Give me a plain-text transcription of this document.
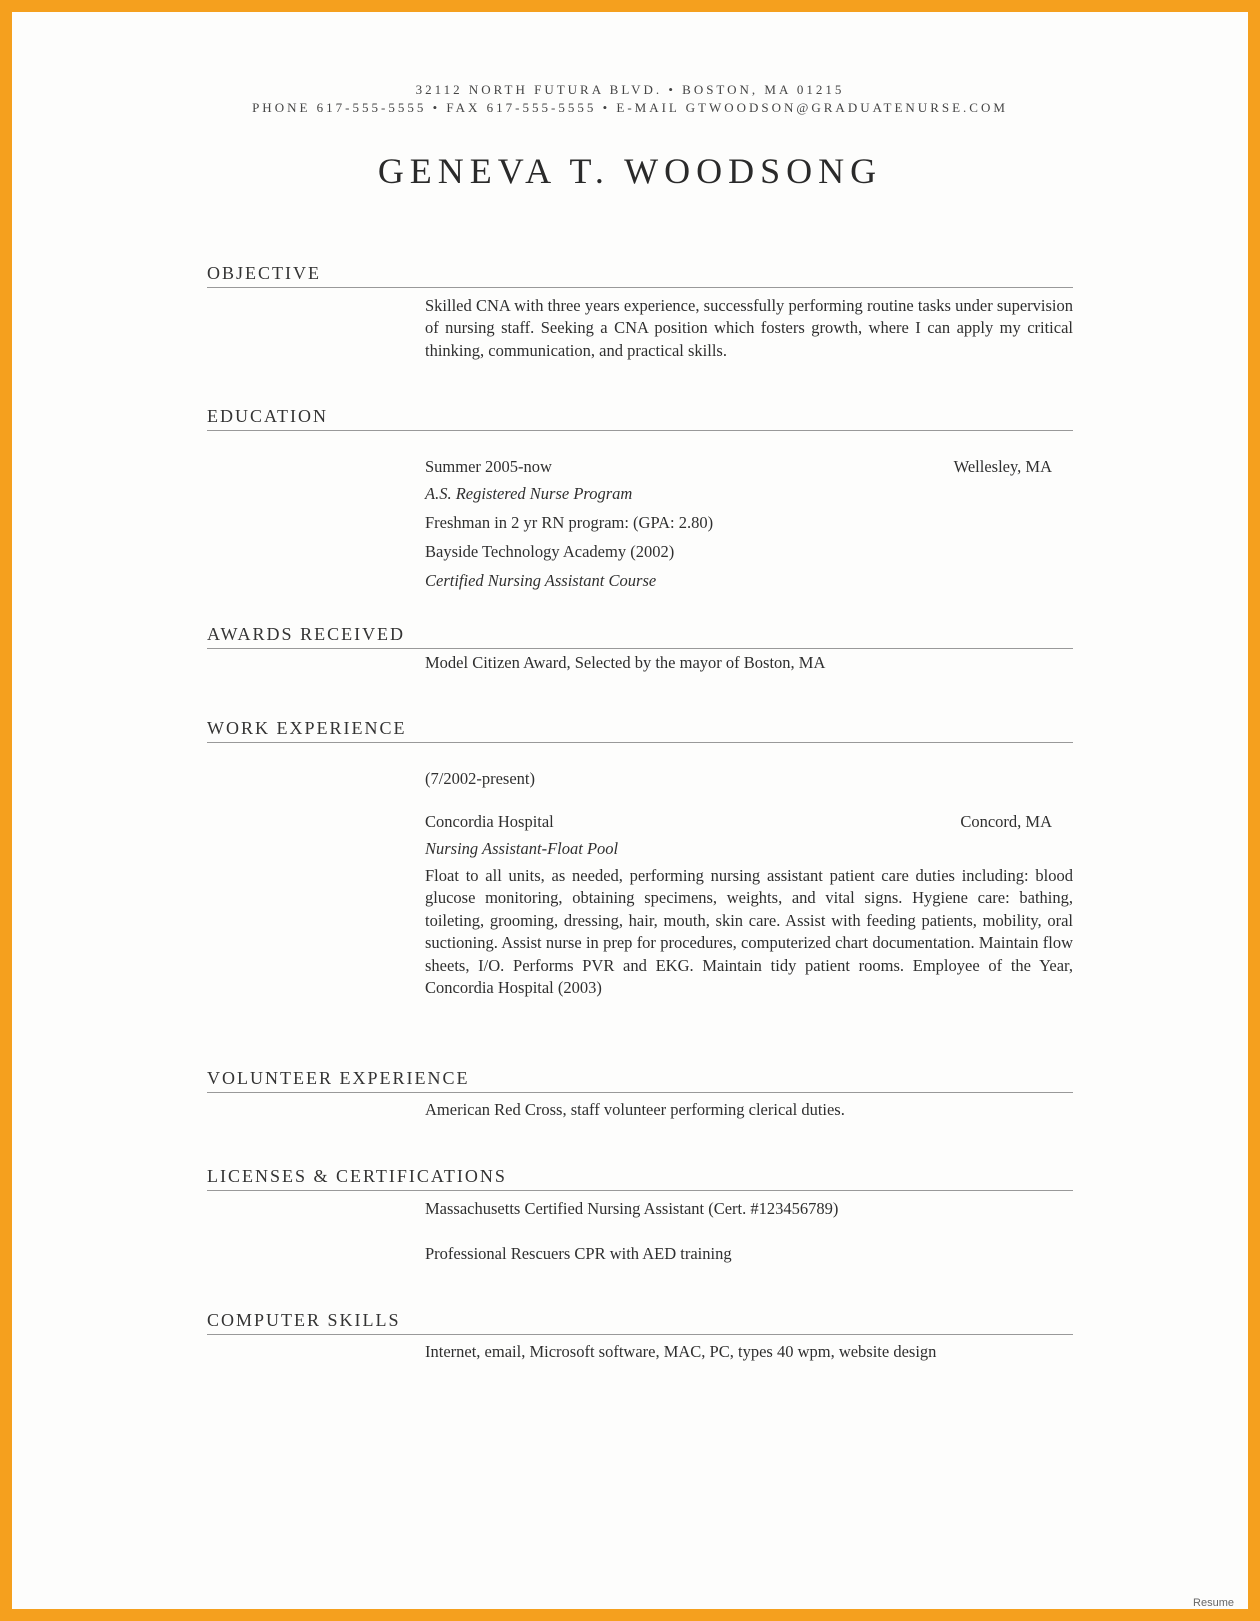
32112 NORTH FUTURA BLVD. • BOSTON, MA 01215
PHONE 617-555-5555 • FAX 617-555-5555 • E-MAIL GTWOODSON@GRADUATENURSE.COM
GENEVA T. WOODSONG
OBJECTIVE
Skilled CNA with three years experience, successfully performing routine tasks under supervision of nursing staff. Seeking a CNA position which fosters growth, where I can apply my critical thinking, communication, and practical skills.
EDUCATION
Summer 2005-now	Wellesley, MA
A.S. Registered Nurse Program
Freshman in 2 yr RN program: (GPA: 2.80)
Bayside Technology Academy (2002)
Certified Nursing Assistant Course
AWARDS RECEIVED
Model Citizen Award, Selected by the mayor of Boston, MA
WORK EXPERIENCE
(7/2002-present)
Concordia Hospital	Concord, MA
Nursing Assistant-Float Pool
Float to all units, as needed, performing nursing assistant patient care duties including: blood glucose monitoring, obtaining specimens, weights, and vital signs. Hygiene care: bathing, toileting, grooming, dressing, hair, mouth, skin care. Assist with feeding patients, mobility, oral suctioning. Assist nurse in prep for procedures, computerized chart documentation. Maintain flow sheets, I/O. Performs PVR and EKG. Maintain tidy patient rooms. Employee of the Year, Concordia Hospital (2003)
VOLUNTEER EXPERIENCE
American Red Cross, staff volunteer performing clerical duties.
LICENSES & CERTIFICATIONS
Massachusetts Certified Nursing Assistant (Cert. #123456789)
Professional Rescuers CPR with AED training
COMPUTER SKILLS
Internet, email, Microsoft software, MAC, PC, types 40 wpm, website design
Resume
